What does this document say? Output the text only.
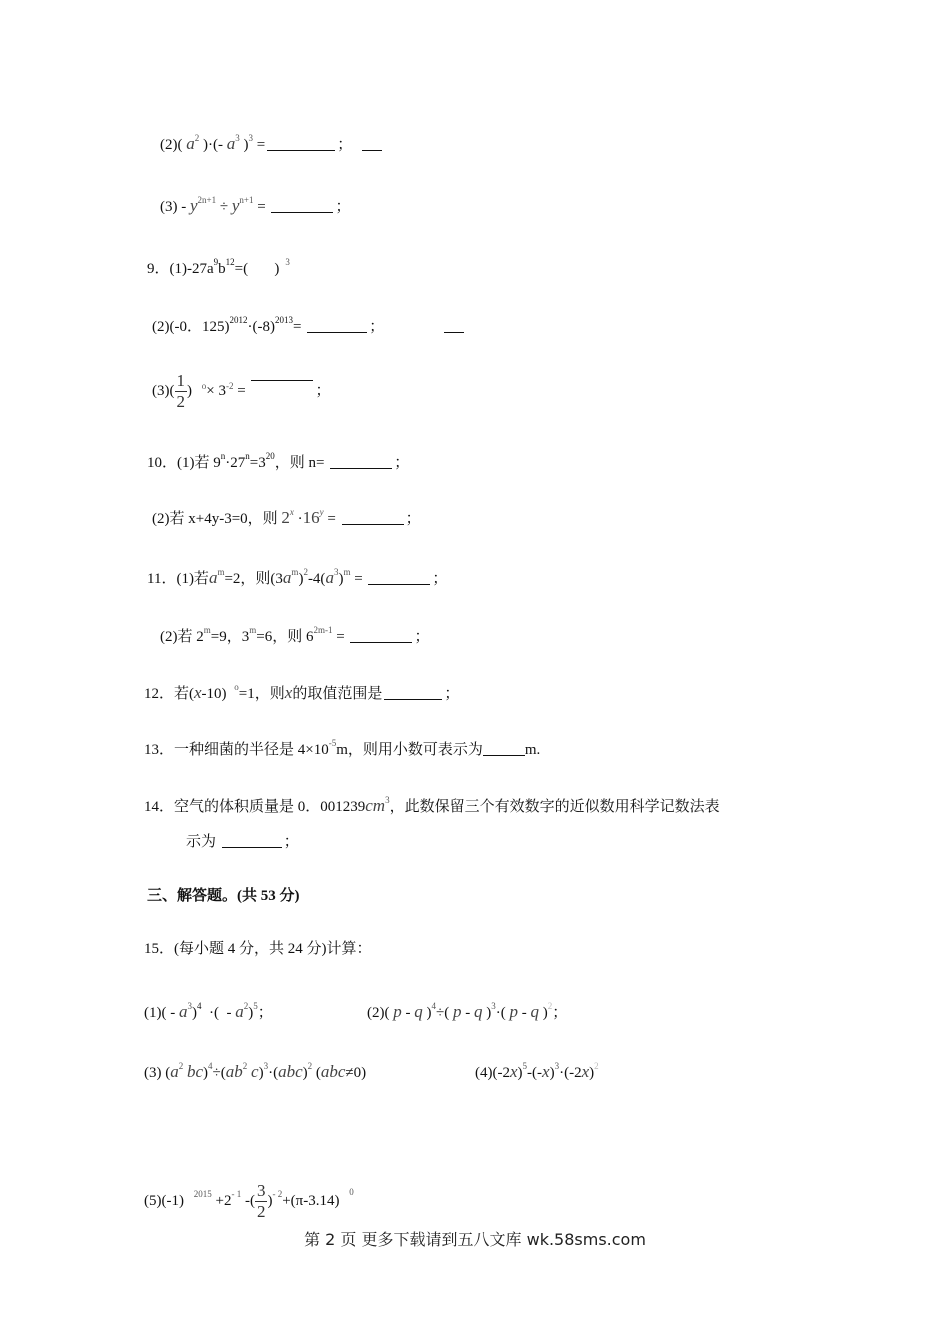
(2)( $a^2$ )·(- $a^3$ )$^3$ =	；
$(3) - y^{2n+1} \div y^{n+1}$ =	；
9．$(1)-27a^9b^{12}=$(       ) $^3$
(2)(-0．$125)^{2012}\cdot(-8)^{2013}=$	；
$(3)( \frac{1}{2}$ ) $^o\times 3^{-2}$ =	；
10．(1)若 $9^n\cdot 27^n=3^{20}$，则 n=	；
(2)若 x+4y-3=0，则 $2^x \cdot 16^y$ =	；
11．(1)若$a^m=2$，则$(3a^m)^2-4(a^3)^m$ =	；
(2)若 $2^m=9$，$3^m=6$，则 $6^{2m-1}$ =	；
12．若(x-10) $^o$=1，则x的取值范围是	；
13．一种细菌的半径是 $4\times 10^{-5}m$，则用小数可表示为	m.
14．空气的体积质量是 0．$001239cm^3$，此数保留三个有效数字的近似数用科学记数法表
示为	；
三、解答题。(共 53 分)
15．(每小题 4 分，共 24 分)计算：
$(1)( - a^3)^4$  ·(  - $a^2)^5$；	(2)( p - q )$^4$÷( p - q )$^3$·( p - q )$^2$；
(3) ($a^2$ $bc)^4\div(ab^2$ c)$^3$·(abc)$^2$ (abc≠0)	$(4)(-2x)^5-(-x)^3\cdot(-2x)^2$
(5)(-1) $^{2015} +2^{- 1}$ -( $\frac{3}{2} )^{- 2}+(\pi-3.14)$ $^0$
第 2 页 更多下载请到五八文库 wk.58sms.com
